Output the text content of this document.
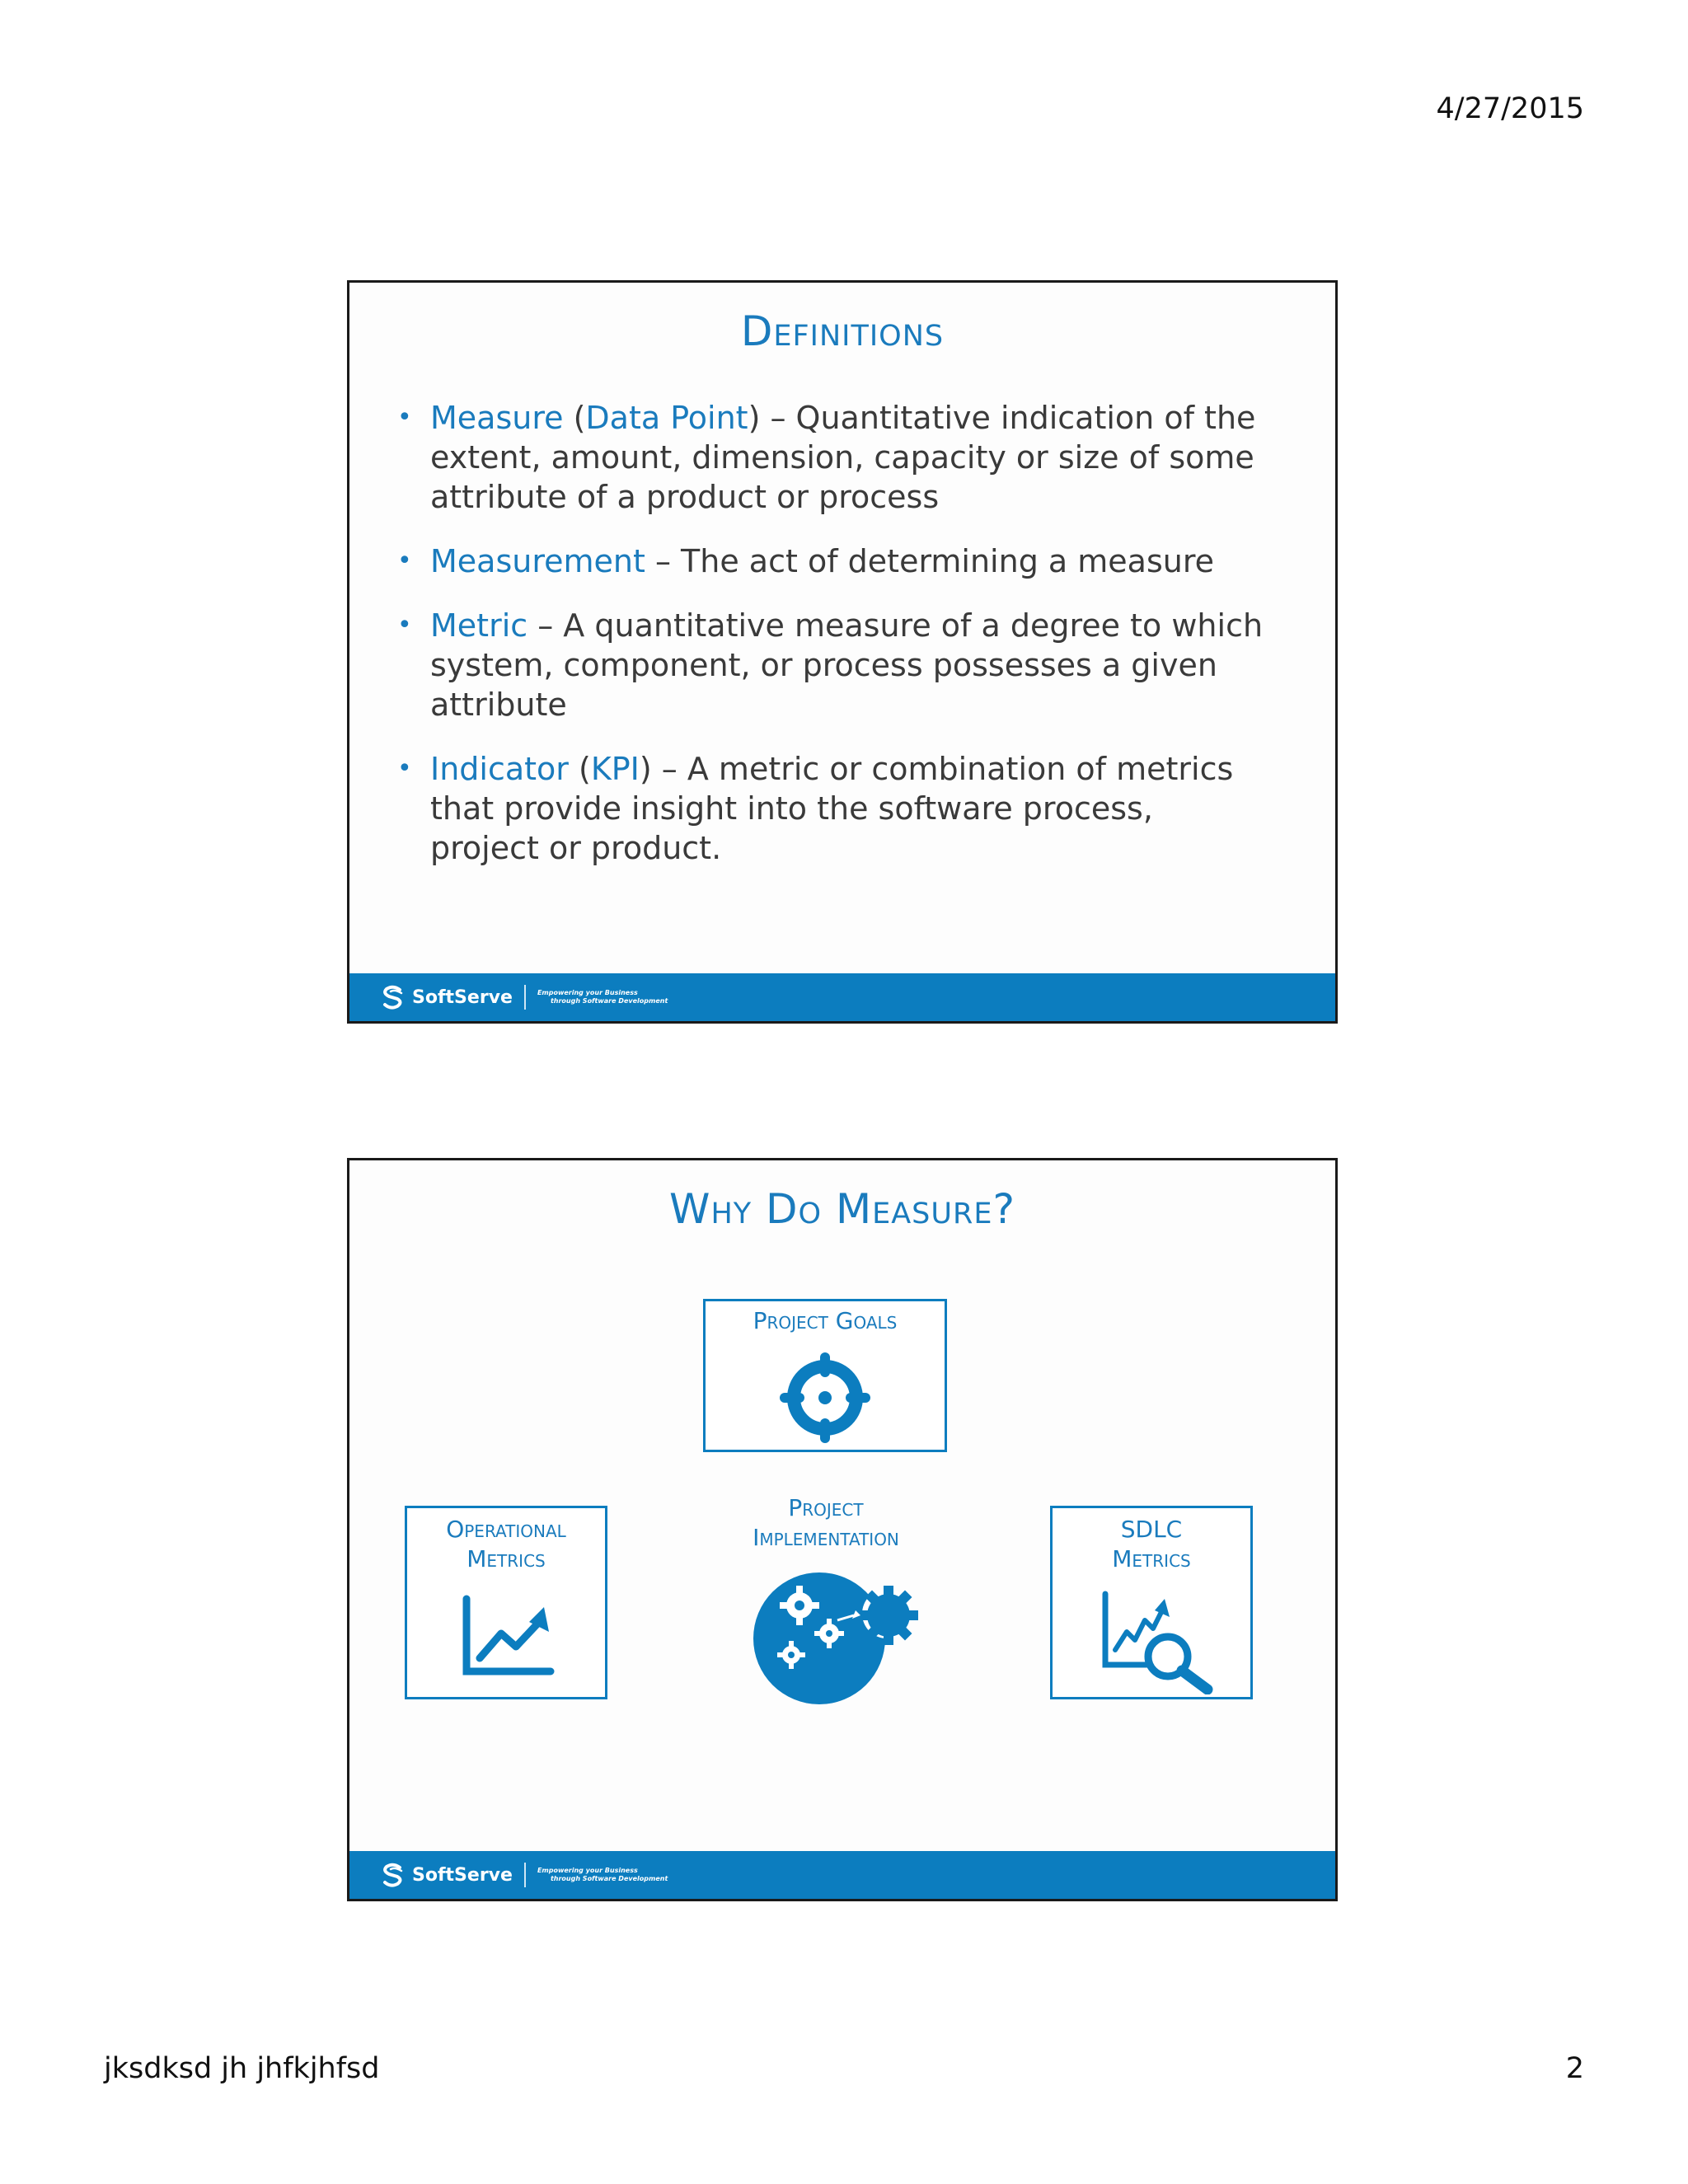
4/27/2015
Definitions
• Measure (Data Point) – Quantitative indication of the extent, amount, dimension, capacity or size of some attribute of a product or process
• Measurement – The act of determining a measure
• Metric – A quantitative measure of a degree to which system, component, or process possesses a given attribute
• Indicator (KPI) – A metric or combination of metrics that provide insight into the software process, project or product.
SoftServe	Empowering your Business
through Software Development
Why Do Measure?
Project Goals
Operational
Metrics
Project
Implementation	SDLC
Metrics
SoftServe	Empowering your Business
through Software Development
jksdksd jh jhfkjhfsd	2
